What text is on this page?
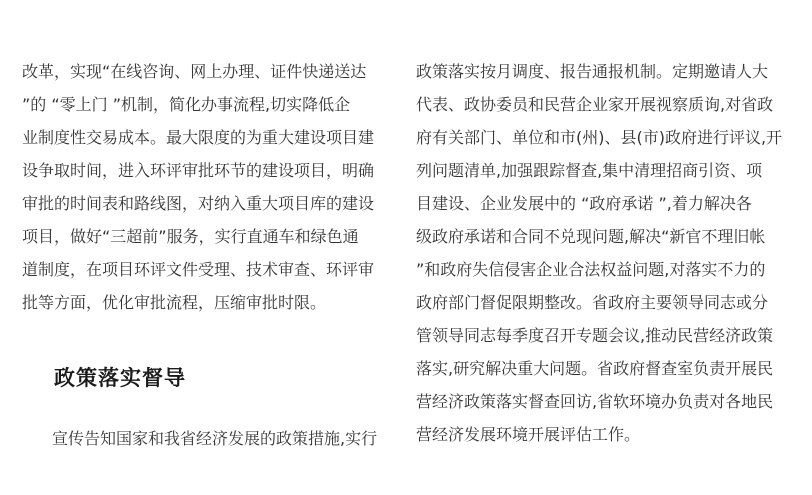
改革，实现“在线咨询、网上办理、证件快递送达
”的 “零上门 ”机制，简化办事流程,切实降低企
业制度性交易成本。最大限度的为重大建设项目建
设争取时间，进入环评审批环节的建设项目，明确
审批的时间表和路线图，对纳入重大项目库的建设
项目，做好“三超前”服务，实行直通车和绿色通
道制度，在项目环评文件受理、技术审查、环评审
批等方面，优化审批流程，压缩审批时限。
政策落实督导
宣传告知国家和我省经济发展的政策措施,实行
政策落实按月调度、报告通报机制。定期邀请人大
代表、政协委员和民营企业家开展视察质询,对省政
府有关部门、单位和市(州)、县(市)政府进行评议,开
列问题清单,加强跟踪督查,集中清理招商引资、项
目建设、企业发展中的 “政府承诺 ”,着力解决各
级政府承诺和合同不兑现问题,解决“新官不理旧帐
”和政府失信侵害企业合法权益问题,对落实不力的
政府部门督促限期整改。省政府主要领导同志或分
管领导同志每季度召开专题会议,推动民营经济政策
落实,研究解决重大问题。省政府督查室负责开展民
营经济政策落实督查回访,省软环境办负责对各地民
营经济发展环境开展评估工作。
